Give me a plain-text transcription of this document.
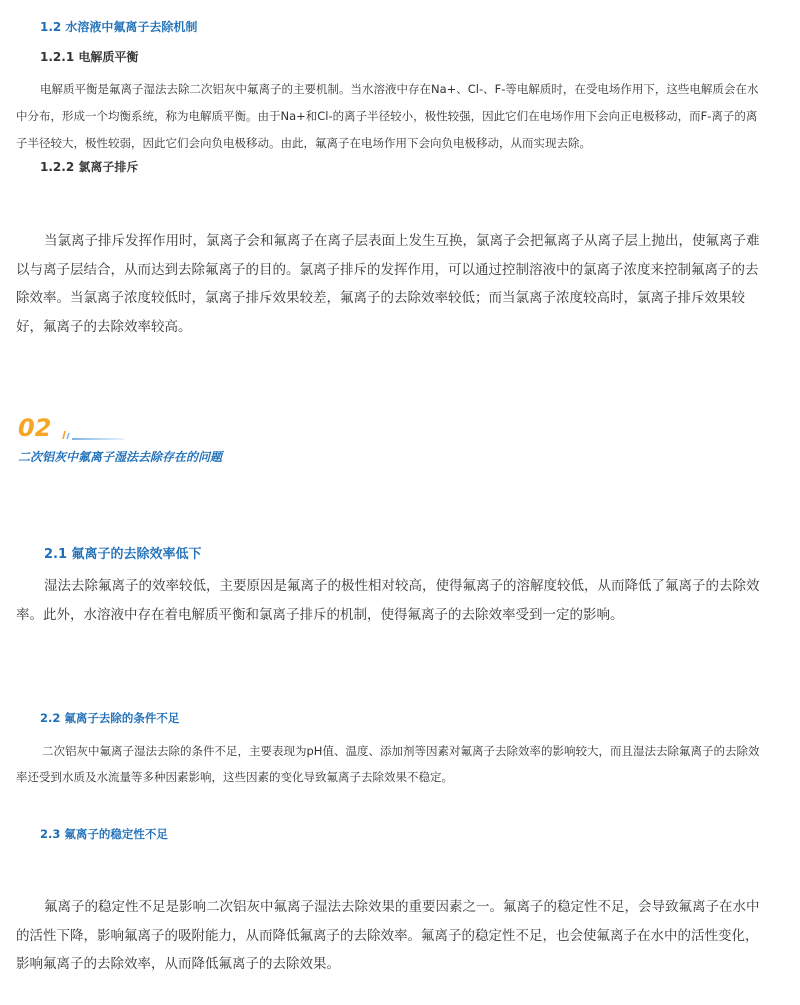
1.2 水溶液中氟离子去除机制
1.2.1 电解质平衡

电解质平衡是氟离子湿法去除二次铝灰中氟离子的主要机制。当水溶液中存在Na+、Cl-、F-等电解质时，在受电场作用下，这些电解质会在水中分布，形成一个均衡系统，称为电解质平衡。由于Na+和Cl-的离子半径较小，极性较强，因此它们在电场作用下会向正电极移动，而F-离子的离子半径较大，极性较弱，因此它们会向负电极移动。由此，氟离子在电场作用下会向负电极移动，从而实现去除。

1.2.2 氯离子排斥

当氯离子排斥发挥作用时，氯离子会和氟离子在离子层表面上发生互换，氯离子会把氟离子从离子层上抛出，使氟离子难以与离子层结合，从而达到去除氟离子的目的。氯离子排斥的发挥作用，可以通过控制溶液中的氯离子浓度来控制氟离子的去除效率。当氯离子浓度较低时，氯离子排斥效果较差，氟离子的去除效率较低；而当氯离子浓度较高时，氯离子排斥效果较好，氟离子的去除效率较高。

02
二次铝灰中氟离子湿法去除存在的问题
2.1 氟离子的去除效率低下

湿法去除氟离子的效率较低，主要原因是氟离子的极性相对较高，使得氟离子的溶解度较低，从而降低了氟离子的去除效率。此外，水溶液中存在着电解质平衡和氯离子排斥的机制，使得氟离子的去除效率受到一定的影响。

2.2 氟离子去除的条件不足

二次铝灰中氟离子湿法去除的条件不足，主要表现为pH值、温度、添加剂等因素对氟离子去除效率的影响较大，而且湿法去除氟离子的去除效率还受到水质及水流量等多种因素影响，这些因素的变化导致氟离子去除效果不稳定。

2.3 氟离子的稳定性不足

氟离子的稳定性不足是影响二次铝灰中氟离子湿法去除效果的重要因素之一。氟离子的稳定性不足，会导致氟离子在水中的活性下降，影响氟离子的吸附能力，从而降低氟离子的去除效率。氟离子的稳定性不足，也会使氟离子在水中的活性变化，影响氟离子的去除效率，从而降低氟离子的去除效果。
